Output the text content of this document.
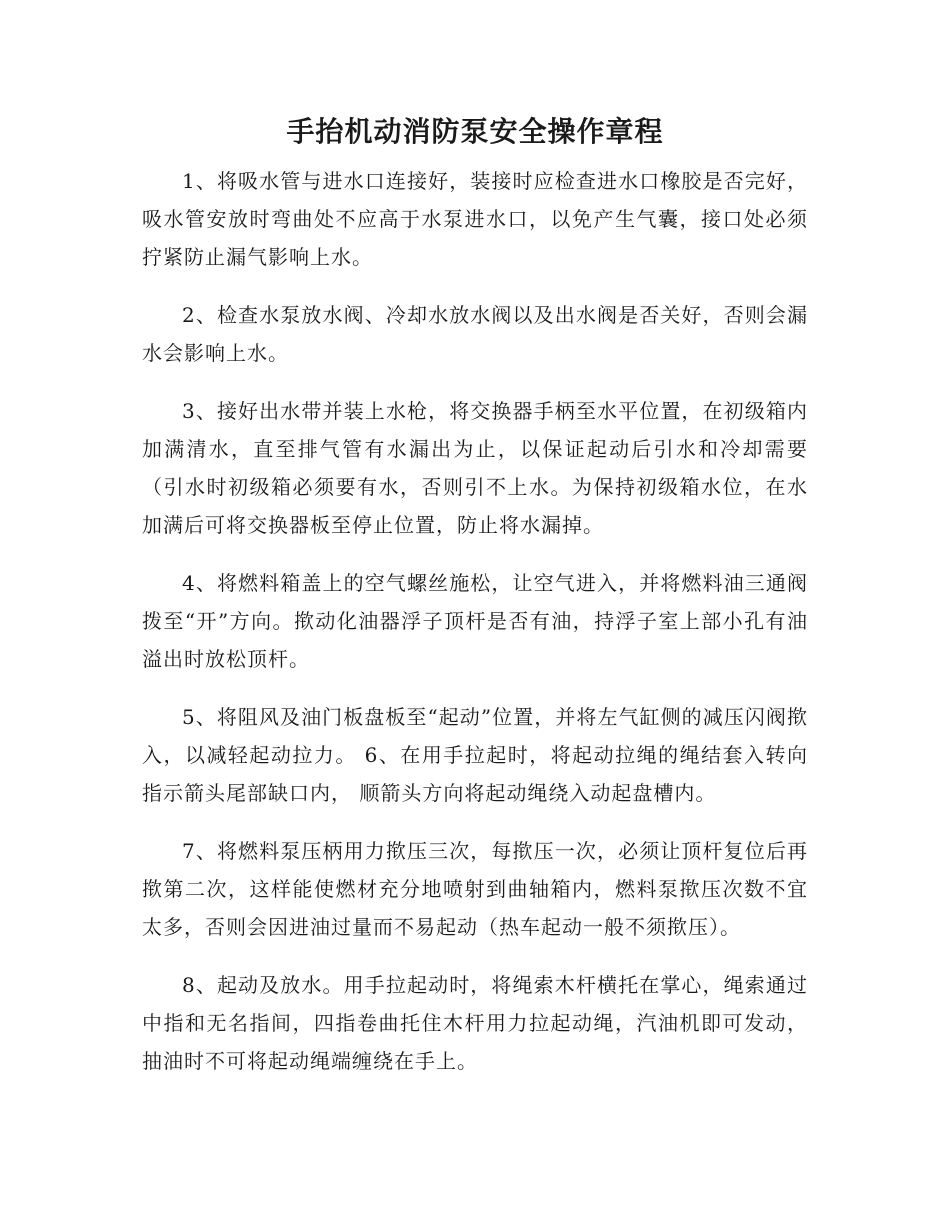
手抬机动消防泵安全操作章程

1、将吸水管与进水口连接好，装接时应检查进水口橡胶是否完好，吸水管安放时弯曲处不应高于水泵进水口，以免产生气囊，接口处必须拧紧防止漏气影响上水。

2、检查水泵放水阀、冷却水放水阀以及出水阀是否关好，否则会漏水会影响上水。

3、接好出水带并装上水枪，将交换器手柄至水平位置，在初级箱内加满清水，直至排气管有水漏出为止，以保证起动后引水和冷却需要（引水时初级箱必须要有水，否则引不上水。为保持初级箱水位，在水加满后可将交换器板至停止位置，防止将水漏掉。

4、将燃料箱盖上的空气螺丝施松，让空气进入，并将燃料油三通阀拨至“开”方向。揿动化油器浮子顶杆是否有油，持浮子室上部小孔有油溢出时放松顶杆。

5、将阻风及油门板盘板至“起动”位置，并将左气缸侧的减压闪阀揿入，以减轻起动拉力。 6、在用手拉起时，将起动拉绳的绳结套入转向指示箭头尾部缺口内， 顺箭头方向将起动绳绕入动起盘槽内。

7、将燃料泵压柄用力揿压三次，每揿压一次，必须让顶杆复位后再揿第二次，这样能使燃材充分地喷射到曲轴箱内，燃料泵揿压次数不宜太多，否则会因进油过量而不易起动（热车起动一般不须揿压）。

8、起动及放水。用手拉起动时，将绳索木杆横托在掌心，绳索通过中指和无名指间，四指卷曲托住木杆用力拉起动绳，汽油机即可发动，抽油时不可将起动绳端缠绕在手上。
